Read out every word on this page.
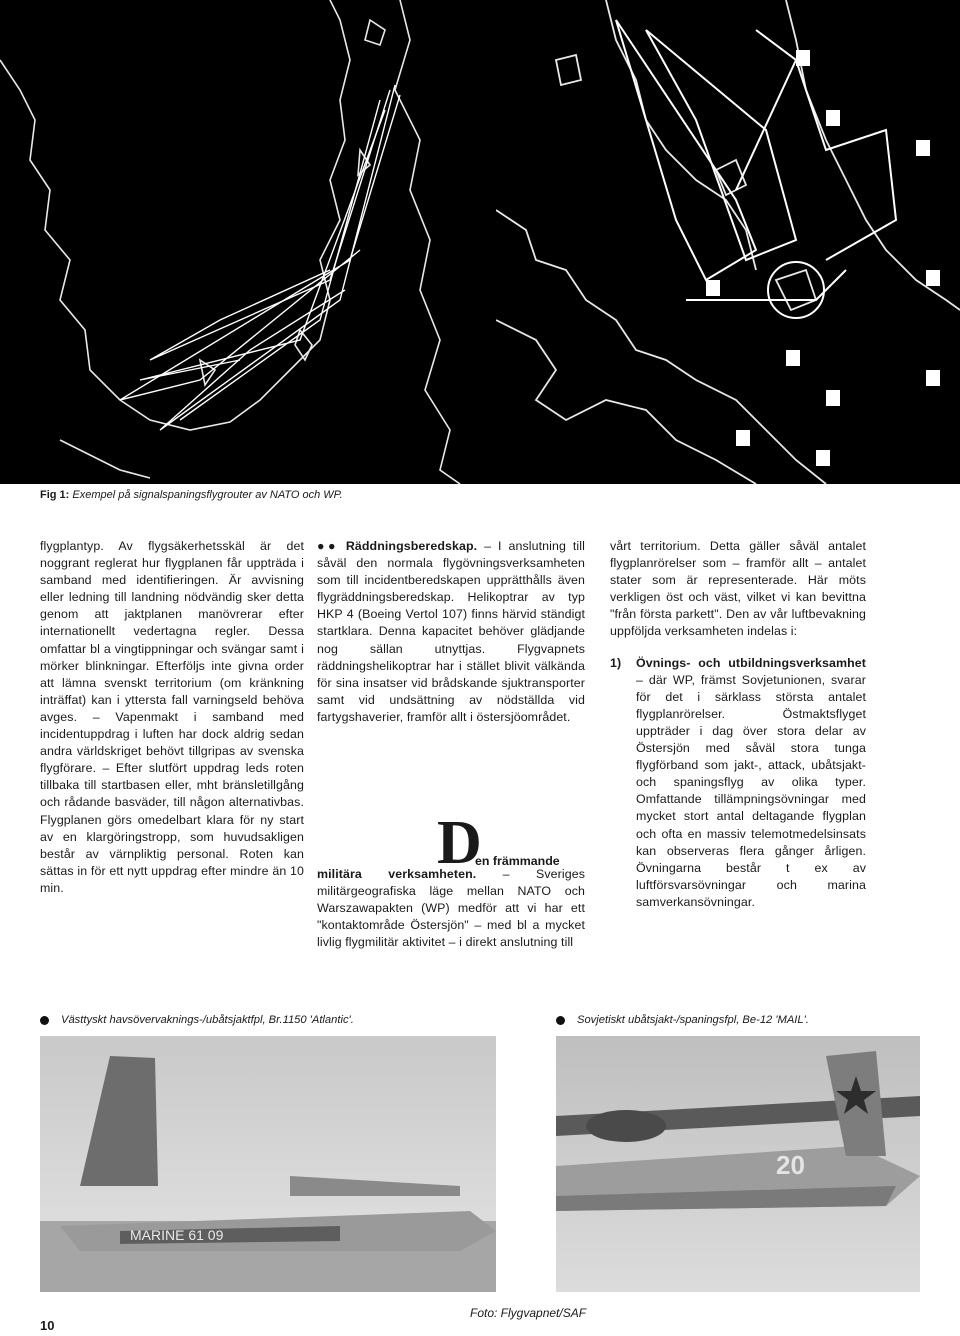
Fig 1: Exempel på signalspaningsflygrouter av NATO och WP.

flygplantyp. Av flygsäkerhetsskäl är det noggrant reglerat hur flygplanen får uppträda i samband med identifieringen. Är avvisning eller ledning till landning nödvändig sker detta genom att jaktplanen manövrerar efter internationellt vedertagna regler. Dessa omfattar bl a vingtippningar och svängar samt i mörker blinkningar. Efterföljs inte givna order att lämna svenskt territorium (om kränkning inträffat) kan i yttersta fall varningseld behöva avges. – Vapenmakt i samband med incidentuppdrag i luften har dock aldrig sedan andra världskriget behövt tillgripas av svenska flygförare. – Efter slutfört uppdrag leds roten tillbaka till startbasen eller, mht bränsletillgång och rådande basväder, till någon alternativbas. Flygplanen görs omedelbart klara för ny start av en klargöringstropp, som huvudsakligen består av värnpliktig personal. Roten kan sättas in för ett nytt uppdrag efter mindre än 10 min.

●● Räddningsberedskap. – I anslutning till såväl den normala flygövningsverksamheten som till incidentberedskapen upprätthålls även flygräddningsberedskap. Helikoptrar av typ HKP 4 (Boeing Vertol 107) finns härvid ständigt startklara. Denna kapacitet behöver glädjande nog sällan utnyttjas. Flygvapnets räddningshelikoptrar har i stället blivit välkända för sina insatser vid brådskande sjuktransporter samt vid undsättning av nödställda vid fartygshaverier, framför allt i östersjöområdet.

D
en främmande

militära verksamheten. – Sveriges militärgeografiska läge mellan NATO och Warszawapakten (WP) medför att vi har ett "kontaktområde Östersjön" – med bl a mycket livlig flygmilitär aktivitet – i direkt anslutning till

vårt territorium. Detta gäller såväl antalet flygplanrörelser som – framför allt – antalet stater som är representerade. Här möts verkligen öst och väst, vilket vi kan bevittna "från första parkett". Den av vår luftbevakning uppföljda verksamheten indelas i:

1) Övnings- och utbildningsverksamhet – där WP, främst Sovjetunionen, svarar för det i särklass största antalet flygplanrörelser. Östmaktsflyget uppträder i dag över stora delar av Östersjön med såväl stora tunga flygförband som jakt-, attack, ubåtsjakt- och spaningsflyg av olika typer. Omfattande tillämpningsövningar med mycket stort antal deltagande flygplan och ofta en massiv telemotmedelsinsats kan observeras flera gånger årligen. Övningarna består t ex av luftförsvarsövningar och marina samverkansövningar.

Västtyskt havsövervaknings-/ubåtsjaktfpl, Br.1150 'Atlantic'.	Sovjetiskt ubåtsjakt-/spaningsfpl, Be-12 'MAIL'.
MARINE 61 09
20
Foto: Flygvapnet/SAF
10
